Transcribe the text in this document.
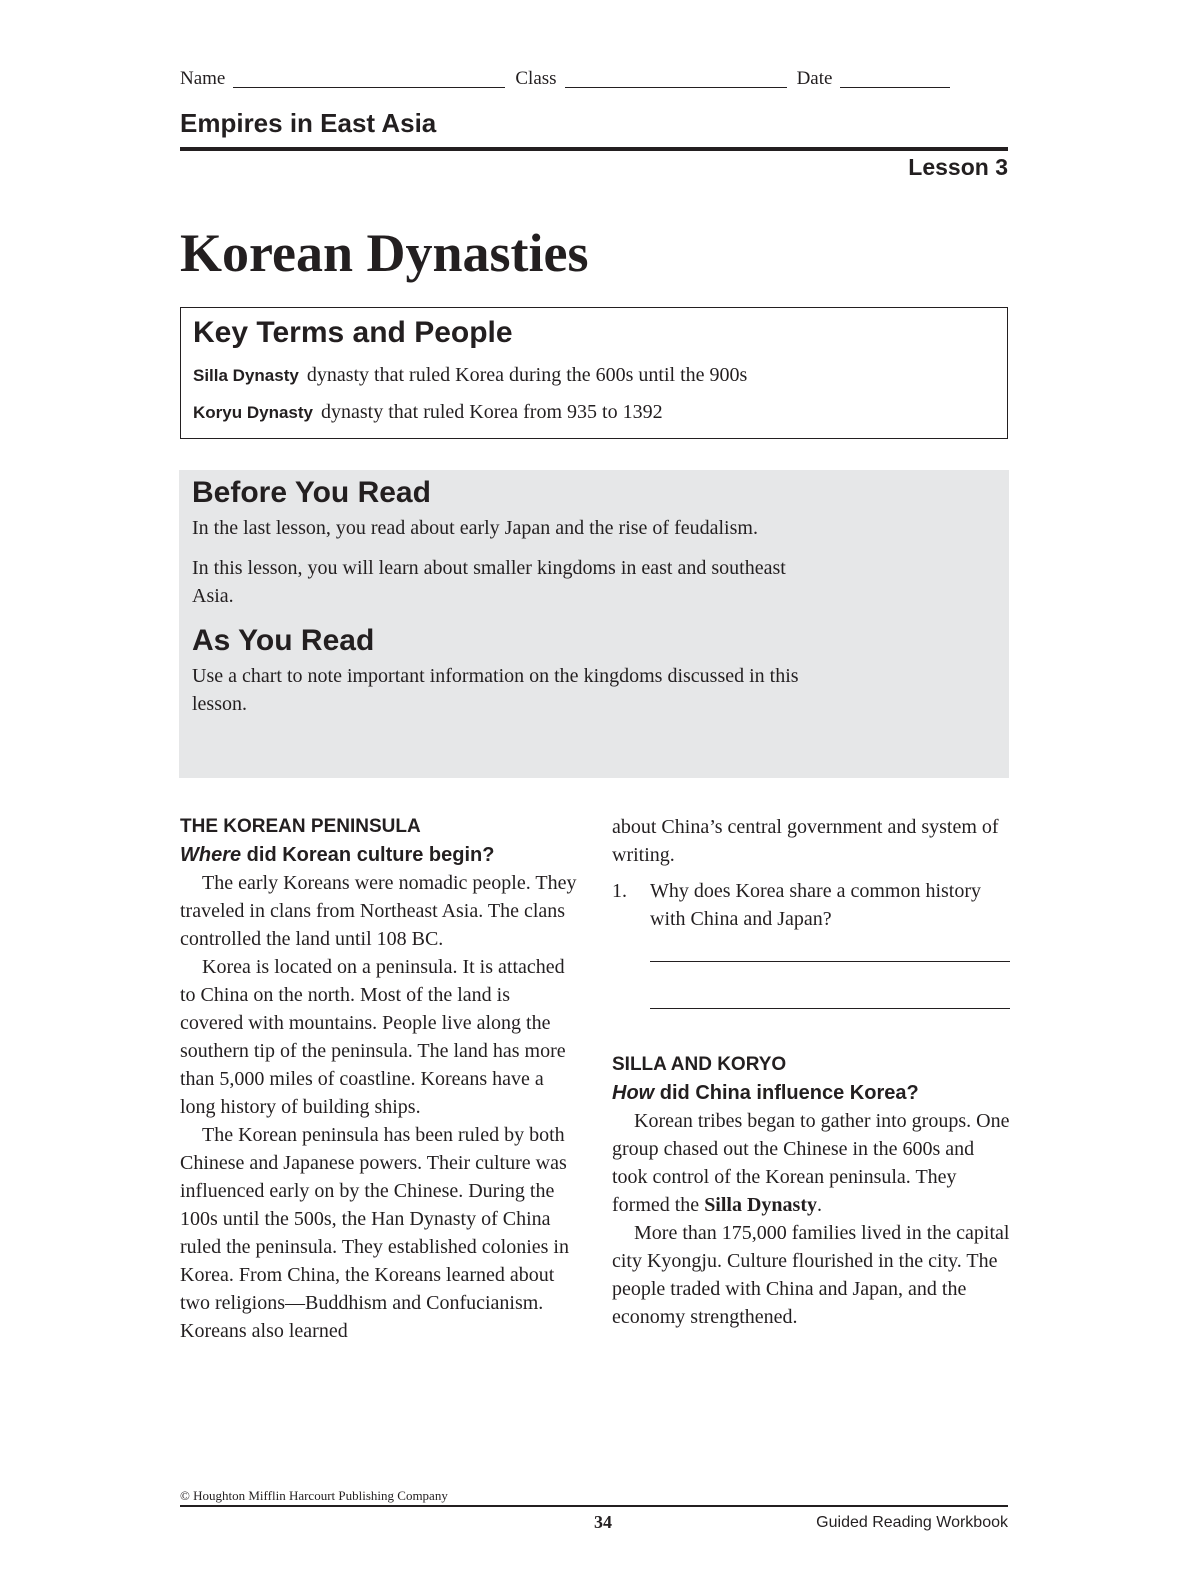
Name	Class	Date
Empires in East Asia
Lesson 3
Korean Dynasties
Key Terms and People
Silla Dynasty dynasty that ruled Korea during the 600s until the 900s
Koryu Dynasty dynasty that ruled Korea from 935 to 1392
Before You Read

In the last lesson, you read about early Japan and the rise of feudalism.

In this lesson, you will learn about smaller kingdoms in east and southeast Asia.

As You Read

Use a chart to note important information on the kingdoms discussed in this lesson.

THE KOREAN PENINSULA
Where did Korean culture begin?

The early Koreans were nomadic people. They traveled in clans from Northeast Asia. The clans controlled the land until 108 BC.

Korea is located on a peninsula. It is attached to China on the north. Most of the land is covered with mountains. People live along the southern tip of the peninsula. The land has more than 5,000 miles of coastline. Koreans have a long history of building ships.

The Korean peninsula has been ruled by both Chinese and Japanese powers. Their culture was influenced early on by the Chinese. During the 100s until the 500s, the Han Dynasty of China ruled the peninsula. They established colonies in Korea. From China, the Koreans learned about two religions—Buddhism and Confucianism. Koreans also learned

about China’s central government and system of writing.

1.	Why does Korea share a common history with China and Japan?
SILLA AND KORYO
How did China influence Korea?

Korean tribes began to gather into groups. One group chased out the Chinese in the 600s and took control of the Korean peninsula. They formed the Silla Dynasty.

More than 175,000 families lived in the capital city Kyongju. Culture flourished in the city. The people traded with China and Japan, and the economy strengthened.

© Houghton Mifflin Harcourt Publishing Company
34	Guided Reading Workbook
